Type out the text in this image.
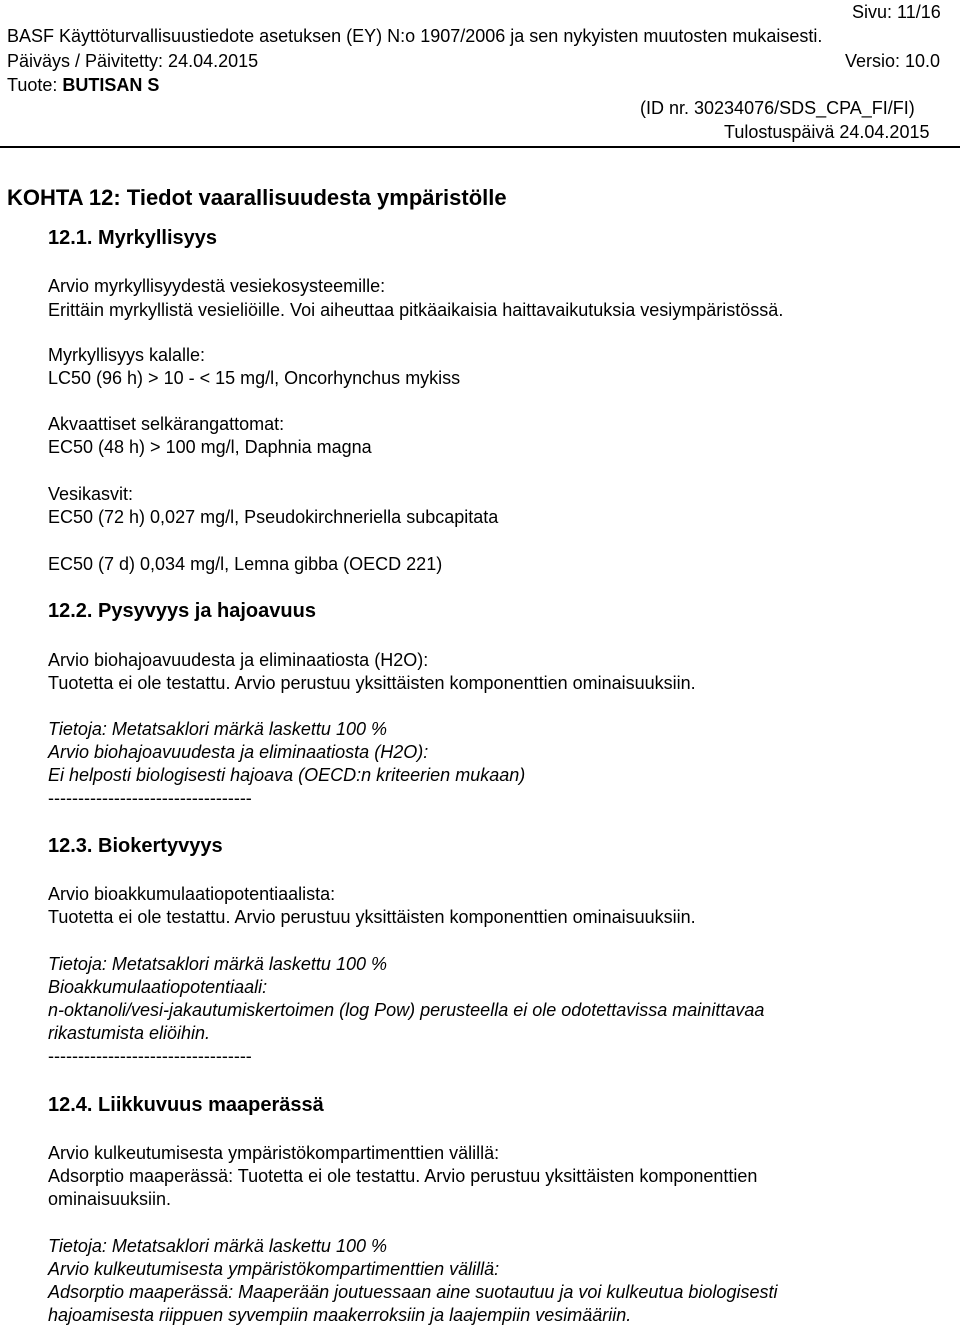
Sivu: 11/16

BASF Käyttöturvallisuustiedote asetuksen (EY) N:o 1907/2006 ja sen nykyisten muutosten mukaisesti.

Päiväys / Päivitetty: 24.04.2015	Versio: 10.0

Tuote: BUTISAN S

(ID nr. 30234076/SDS_CPA_FI/FI)

Tulostuspäivä 24.04.2015

KOHTA 12: Tiedot vaarallisuudesta ympäristölle

12.1. Myrkyllisyys

Arvio myrkyllisyydestä vesiekosysteemille:

Erittäin myrkyllistä vesieliöille. Voi aiheuttaa pitkäaikaisia haittavaikutuksia vesiympäristössä.

Myrkyllisyys kalalle:

LC50 (96 h) > 10 - < 15 mg/l, Oncorhynchus mykiss

Akvaattiset selkärangattomat:

EC50 (48 h) > 100 mg/l, Daphnia magna

Vesikasvit:

EC50 (72 h) 0,027 mg/l, Pseudokirchneriella subcapitata

EC50 (7 d) 0,034 mg/l, Lemna gibba (OECD 221)

12.2. Pysyvyys ja hajoavuus

Arvio biohajoavuudesta ja eliminaatiosta (H2O):

Tuotetta ei ole testattu. Arvio perustuu yksittäisten komponenttien ominaisuuksiin.

Tietoja: Metatsaklori märkä laskettu 100 %

Arvio biohajoavuudesta ja eliminaatiosta (H2O):

Ei helposti biologisesti hajoava (OECD:n kriteerien mukaan)

----------------------------------

12.3. Biokertyvyys

Arvio bioakkumulaatiopotentiaalista:

Tuotetta ei ole testattu. Arvio perustuu yksittäisten komponenttien ominaisuuksiin.

Tietoja: Metatsaklori märkä laskettu 100 %

Bioakkumulaatiopotentiaali:

n-oktanoli/vesi-jakautumiskertoimen (log Pow) perusteella ei ole odotettavissa mainittavaa

rikastumista eliöihin.

----------------------------------

12.4. Liikkuvuus maaperässä

Arvio kulkeutumisesta ympäristökompartimenttien välillä:

Adsorptio maaperässä: Tuotetta ei ole testattu. Arvio perustuu yksittäisten komponenttien

ominaisuuksiin.

Tietoja: Metatsaklori märkä laskettu 100 %

Arvio kulkeutumisesta ympäristökompartimenttien välillä:

Adsorptio maaperässä: Maaperään joutuessaan aine suotautuu ja voi kulkeutua biologisesti

hajoamisesta riippuen syvempiin maakerroksiin ja laajempiin vesimääriin.
